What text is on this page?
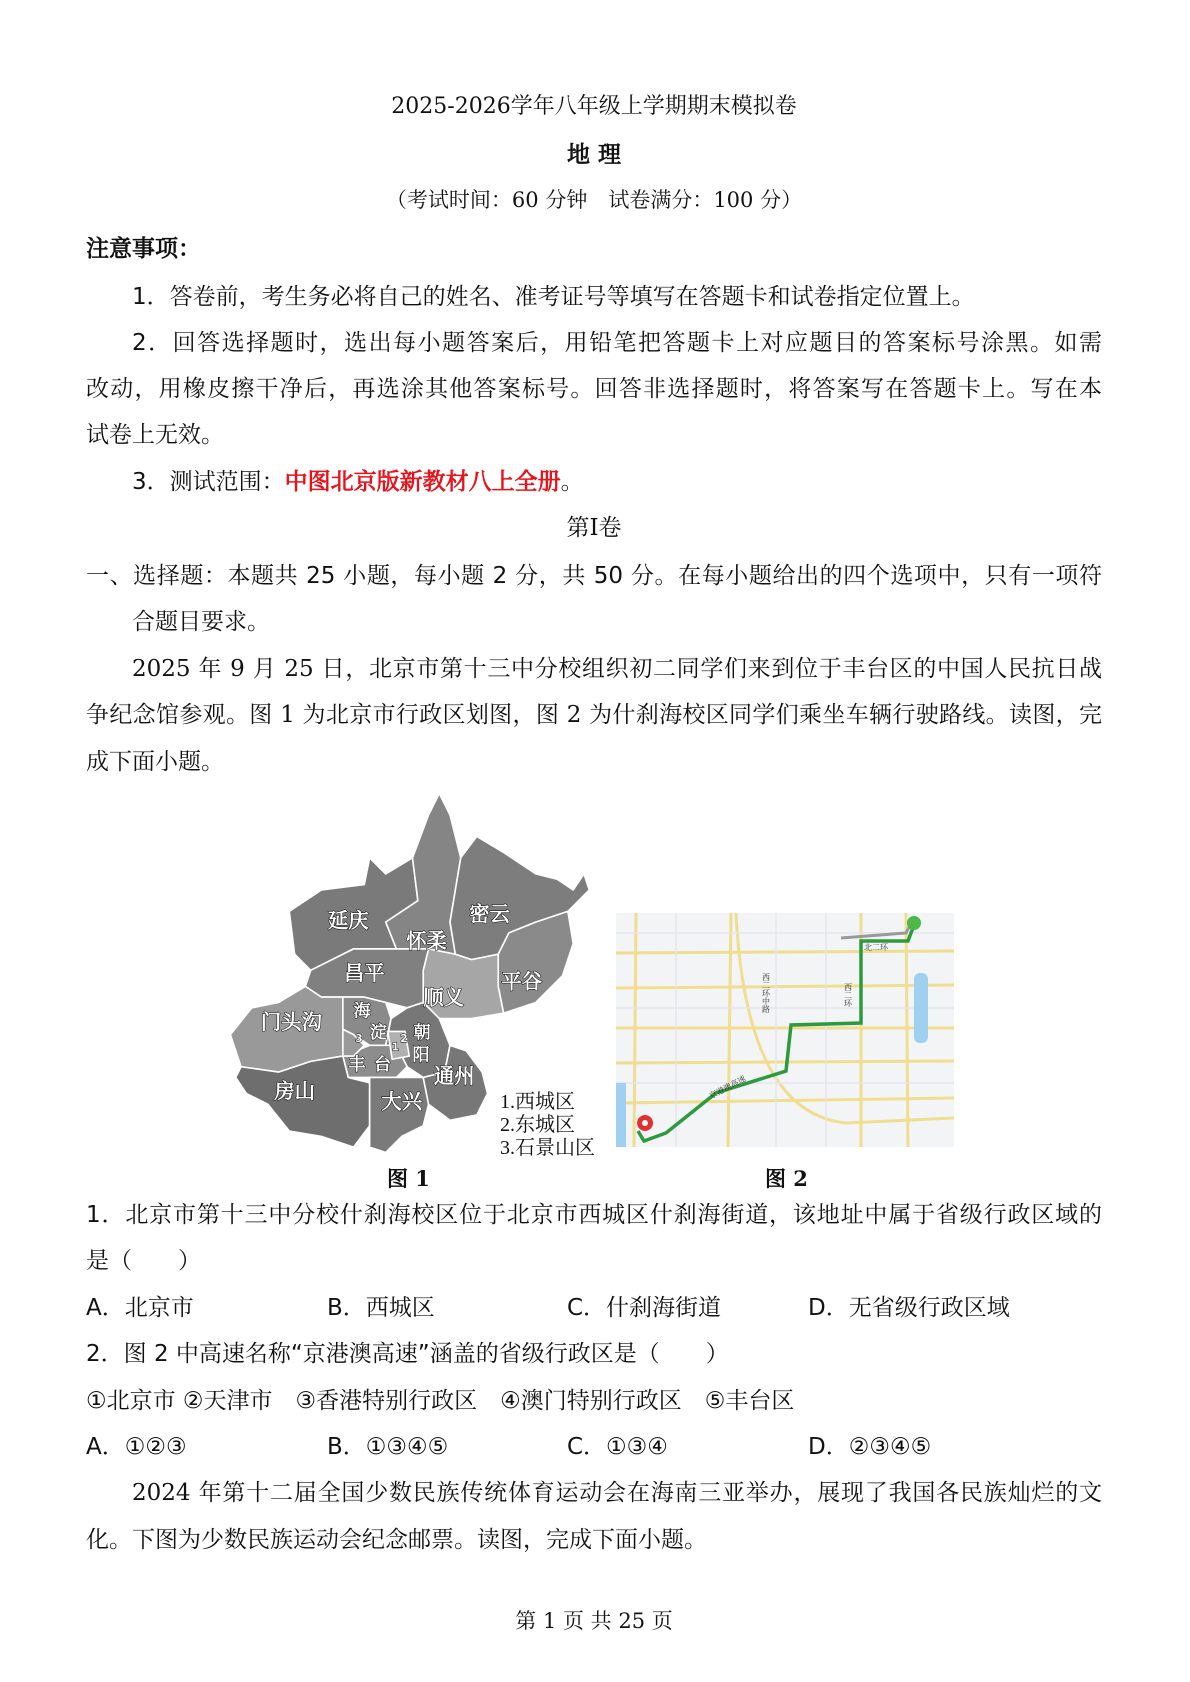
2025-2026学年八年级上学期期末模拟卷
地 理
（考试时间：60 分钟　试卷满分：100 分）
注意事项：
1．答卷前，考生务必将自己的姓名、准考证号等填写在答题卡和试卷指定位置上。
2．回答选择题时，选出每小题答案后，用铅笔把答题卡上对应题目的答案标号涂黑。如需
改动，用橡皮擦干净后，再选涂其他答案标号。回答非选择题时，将答案写在答题卡上。写在本
试卷上无效。
3．测试范围：中图北京版新教材八上全册。
第Ⅰ卷
一、选择题：本题共 25 小题，每小题 2 分，共 50 分。在每小题给出的四个选项中，只有一项符
合题目要求。
2025 年 9 月 25 日，北京市第十三中分校组织初二同学们来到位于丰台区的中国人民抗日战
争纪念馆参观。图 1 为北京市行政区划图，图 2 为什刹海校区同学们乘坐车辆行驶路线。读图，完
成下面小题。
延庆
怀柔
密云
昌平	平谷
顺义
门头沟 海
淀 朝
阳
丰 台 通州
房山	大兴
1
2
3
1.西城区
2.东城区
3.石景山区
图 1
西二环中路
北二环
西二环
京港澳高速
图 2
1．北京市第十三中分校什刹海校区位于北京市西城区什刹海街道，该地址中属于省级行政区域的
是（　　）
A．北京市	B．西城区	C．什刹海街道	D．无省级行政区域
2．图 2 中高速名称“京港澳高速”涵盖的省级行政区是（　　）
①北京市 ②天津市　③香港特别行政区　④澳门特别行政区　⑤丰台区
A．①②③	B．①③④⑤	C．①③④	D．②③④⑤
2024 年第十二届全国少数民族传统体育运动会在海南三亚举办，展现了我国各民族灿烂的文
化。下图为少数民族运动会纪念邮票。读图，完成下面小题。
第 1 页 共 25 页
